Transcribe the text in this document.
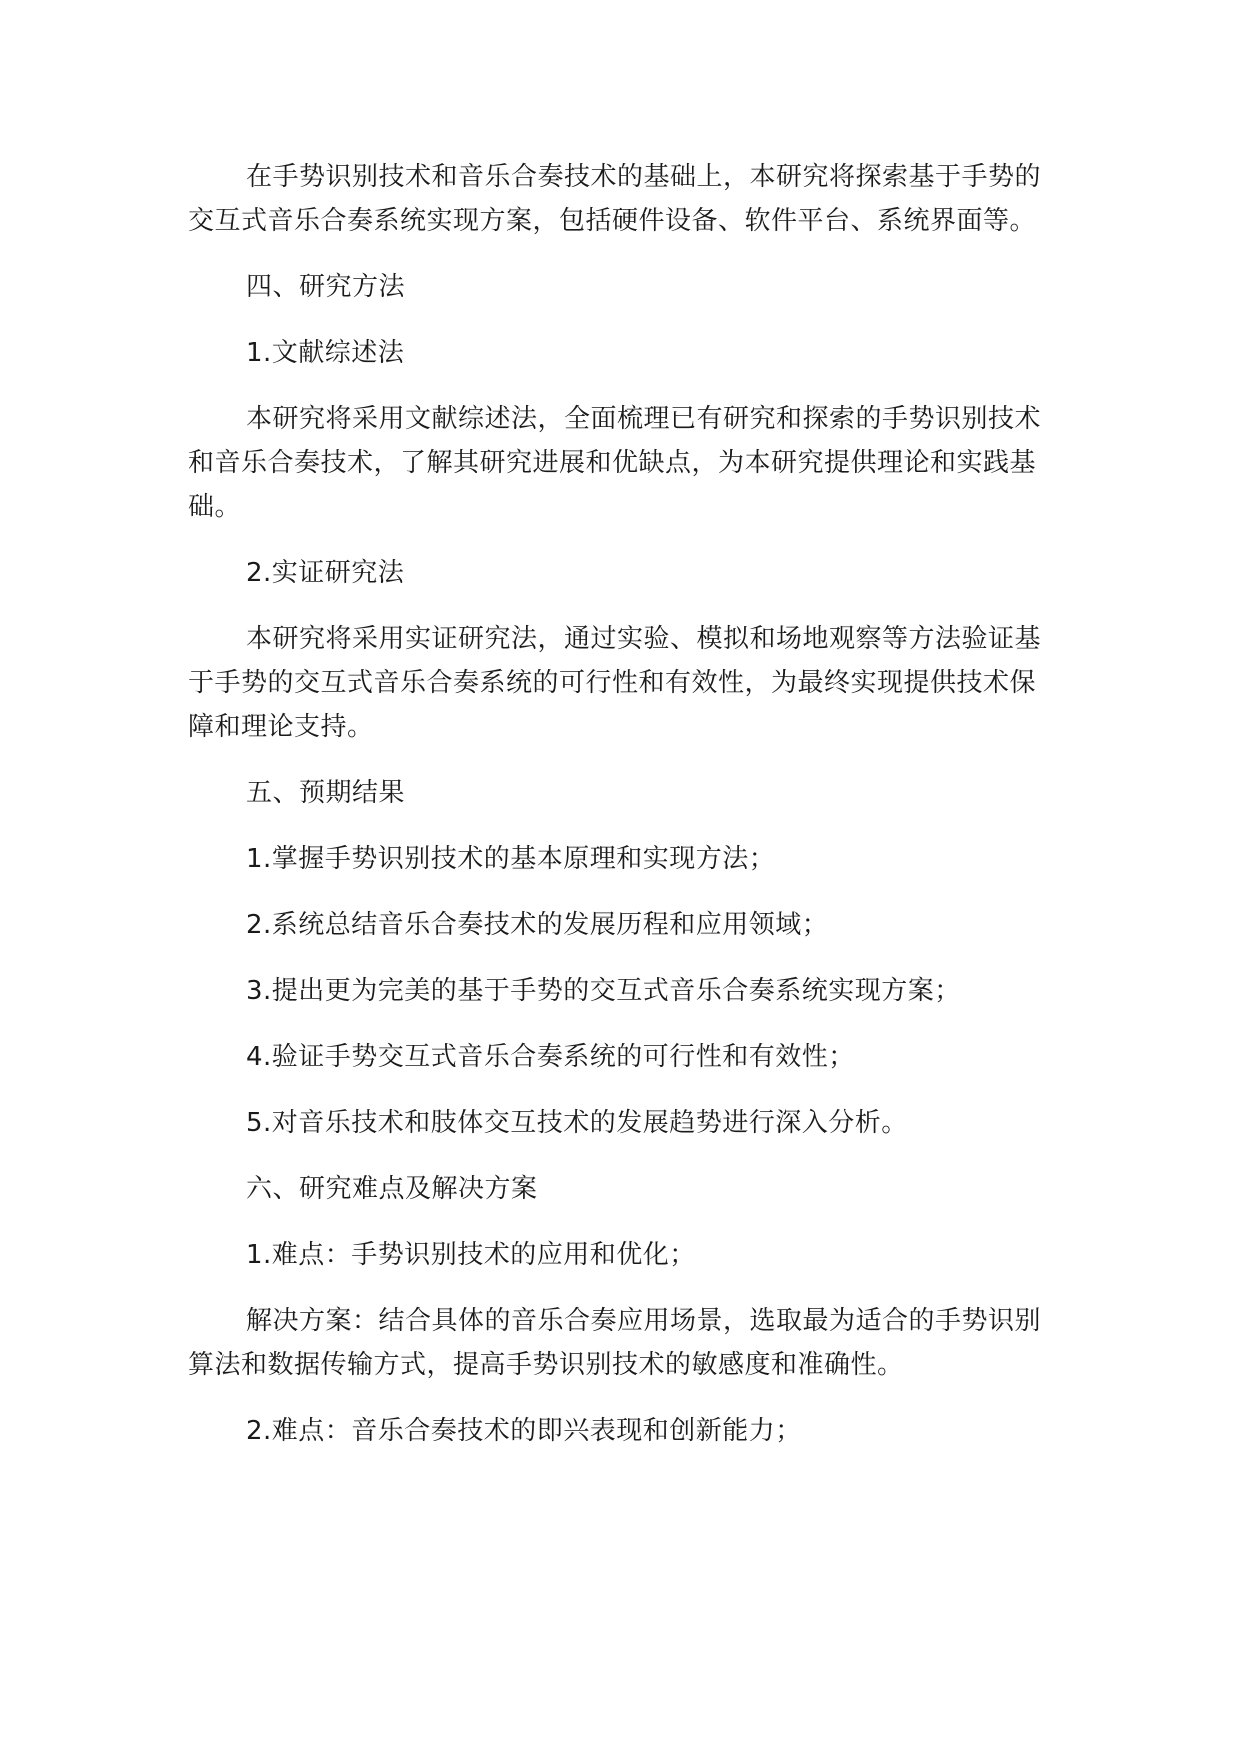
在手势识别技术和音乐合奏技术的基础上，本研究将探索基于手势的交互式音乐合奏系统实现方案，包括硬件设备、软件平台、系统界面等。

四、研究方法

1.文献综述法

本研究将采用文献综述法，全面梳理已有研究和探索的手势识别技术和音乐合奏技术，了解其研究进展和优缺点，为本研究提供理论和实践基础。

2.实证研究法

本研究将采用实证研究法，通过实验、模拟和场地观察等方法验证基于手势的交互式音乐合奏系统的可行性和有效性，为最终实现提供技术保障和理论支持。

五、预期结果

1.掌握手势识别技术的基本原理和实现方法；

2.系统总结音乐合奏技术的发展历程和应用领域；

3.提出更为完美的基于手势的交互式音乐合奏系统实现方案；

4.验证手势交互式音乐合奏系统的可行性和有效性；

5.对音乐技术和肢体交互技术的发展趋势进行深入分析。

六、研究难点及解决方案

1.难点：手势识别技术的应用和优化；

解决方案：结合具体的音乐合奏应用场景，选取最为适合的手势识别算法和数据传输方式，提高手势识别技术的敏感度和准确性。

2.难点：音乐合奏技术的即兴表现和创新能力；
